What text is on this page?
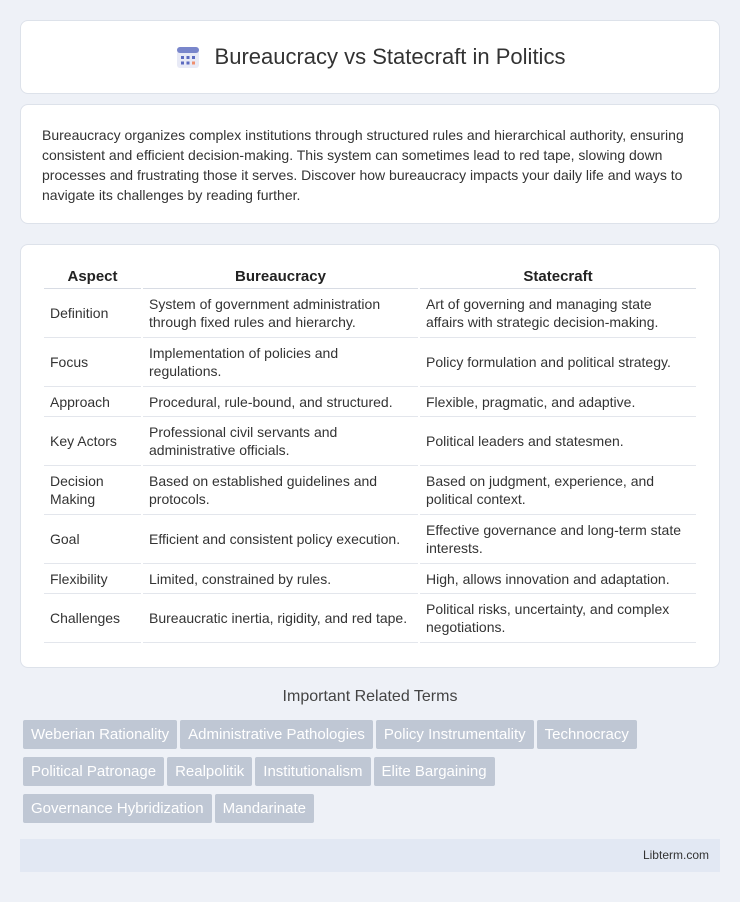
Bureaucracy vs Statecraft in Politics

Bureaucracy organizes complex institutions through structured rules and hierarchical authority, ensuring consistent and efficient decision-making. This system can sometimes lead to red tape, slowing down processes and frustrating those it serves. Discover how bureaucracy impacts your daily life and ways to navigate its challenges by reading further.

Aspect	Bureaucracy	Statecraft
Definition	System of government administration through fixed rules and hierarchy.	Art of governing and managing state affairs with strategic decision-making.
Focus	Implementation of policies and regulations.	Policy formulation and political strategy.
Approach	Procedural, rule-bound, and structured.	Flexible, pragmatic, and adaptive.
Key Actors	Professional civil servants and administrative officials.	Political leaders and statesmen.
Decision Making	Based on established guidelines and protocols.	Based on judgment, experience, and political context.
Goal	Efficient and consistent policy execution.	Effective governance and long-term state interests.
Flexibility	Limited, constrained by rules.	High, allows innovation and adaptation.
Challenges	Bureaucratic inertia, rigidity, and red tape.	Political risks, uncertainty, and complex negotiations.
Important Related Terms
Weberian Rationality Administrative Pathologies Policy Instrumentality Technocracy
Political Patronage Realpolitik Institutionalism Elite Bargaining
Governance Hybridization Mandarinate
Libterm.com
